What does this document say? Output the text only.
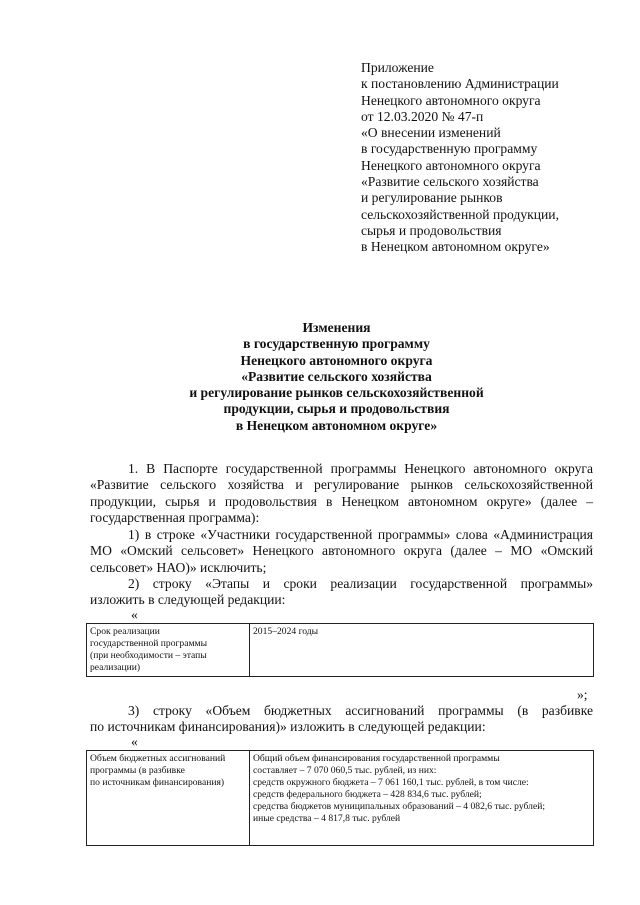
Приложение
к постановлению Администрации
Ненецкого автономного округа
от 12.03.2020 № 47-п
«О внесении изменений
в государственную программу
Ненецкого автономного округа
«Развитие сельского хозяйства
и регулирование рынков
сельскохозяйственной продукции,
сырья и продовольствия
в Ненецком автономном округе»
Изменения
в государственную программу
Ненецкого автономного округа
«Развитие сельского хозяйства
и регулирование рынков сельскохозяйственной
продукции, сырья и продовольствия
в Ненецком автономном округе»
1. В Паспорте государственной программы Ненецкого автономного округа
«Развитие сельского хозяйства и регулирование рынков сельскохозяйственной
продукции, сырья и продовольствия в Ненецком автономном округе» (далее –
государственная программа):
1) в строке «Участники государственной программы» слова «Администрация
МО «Омский сельсовет» Ненецкого автономного округа (далее – МО «Омский
сельсовет» НАО)» исключить;
2) строку «Этапы и сроки реализации государственной программы»
изложить в следующей редакции:
«
Срок реализации
государственной программы
(при необходимости – этапы
реализации)

2015–2024 годы
»;
3) строку «Объем бюджетных ассигнований программы (в разбивке
по источникам финансирования)» изложить в следующей редакции:
«
Объем бюджетных ассигнований
программы (в разбивке
по источникам финансирования)

Общий объем финансирования государственной программы
составляет – 7 070 060,5 тыс. рублей, из них:
средств окружного бюджета – 7 061 160,1 тыс. рублей, в том числе:
средств федерального бюджета – 428 834,6 тыс. рублей;
средства бюджетов муниципальных образований – 4 082,6 тыс. рублей;
иные средства – 4 817,8 тыс. рублей
